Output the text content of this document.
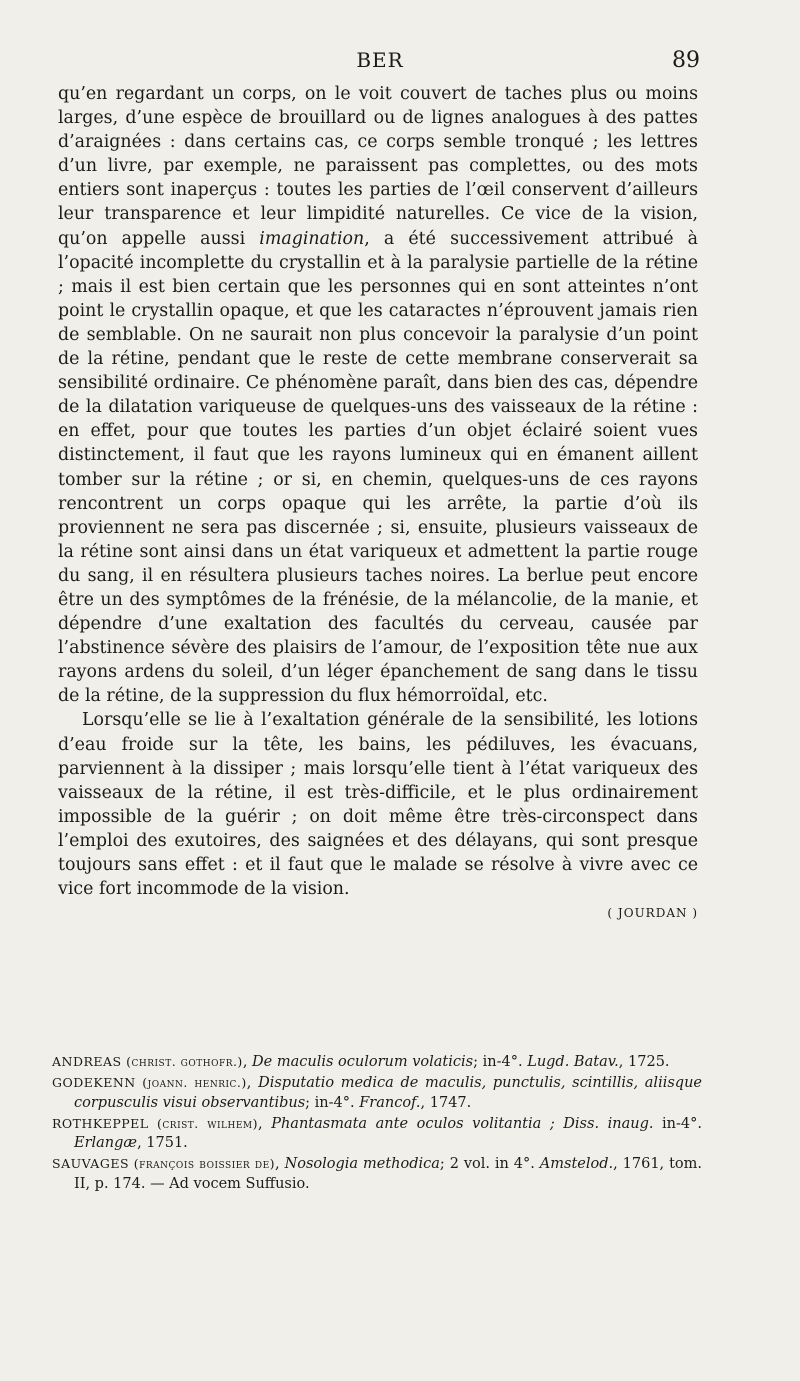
BER	89

qu’en regardant un corps, on le voit couvert de taches plus ou moins larges, d’une espèce de brouillard ou de lignes analogues à des pattes d’araignées : dans certains cas, ce corps semble tronqué ; les lettres d’un livre, par exemple, ne paraissent pas complettes, ou des mots entiers sont inaperçus : toutes les parties de l’œil conservent d’ailleurs leur transparence et leur limpidité naturelles. Ce vice de la vision, qu’on appelle aussi imagination, a été successivement attribué à l’opacité incomplette du crystallin et à la paralysie partielle de la rétine ; mais il est bien certain que les personnes qui en sont atteintes n’ont point le crystallin opaque, et que les cataractes n’éprouvent jamais rien de semblable. On ne saurait non plus concevoir la paralysie d’un point de la rétine, pendant que le reste de cette membrane conserverait sa sensibilité ordinaire. Ce phénomène paraît, dans bien des cas, dépendre de la dilatation variqueuse de quelques-uns des vaisseaux de la rétine : en effet, pour que toutes les parties d’un objet éclairé soient vues distinctement, il faut que les rayons lumineux qui en émanent aillent tomber sur la rétine ; or si, en chemin, quelques-uns de ces rayons rencontrent un corps opaque qui les arrête, la partie d’où ils proviennent ne sera pas discernée ; si, ensuite, plusieurs vaisseaux de la rétine sont ainsi dans un état variqueux et admettent la partie rouge du sang, il en résultera plusieurs taches noires. La berlue peut encore être un des symptômes de la frénésie, de la mélancolie, de la manie, et dépendre d’une exaltation des facultés du cerveau, causée par l’abstinence sévère des plaisirs de l’amour, de l’exposition tête nue aux rayons ardens du soleil, d’un léger épanchement de sang dans le tissu de la rétine, de la suppression du flux hémorroïdal, etc.

Lorsqu’elle se lie à l’exaltation générale de la sensibilité, les lotions d’eau froide sur la tête, les bains, les pédiluves, les évacuans, parviennent à la dissiper ; mais lorsqu’elle tient à l’état variqueux des vaisseaux de la rétine, il est très-difficile, et le plus ordinairement impossible de la guérir ; on doit même être très-circonspect dans l’emploi des exutoires, des saignées et des délayans, qui sont presque toujours sans effet : et il faut que le malade se résolve à vivre avec ce vice fort incommode de la vision.

( JOURDAN )

ANDREAS (christ. gothofr.), De maculis oculorum volaticis; in-4°. Lugd. Batav., 1725.

GODEKENN (joann. henric.), Disputatio medica de maculis, punctulis, scintillis, aliisque corpusculis visui observantibus; in-4°. Francof., 1747.

ROTHKEPPEL (crist. wilhem), Phantasmata ante oculos volitantia ; Diss. inaug. in-4°. Erlangæ, 1751.

SAUVAGES (françois boissier de), Nosologia methodica; 2 vol. in 4°. Amstelod., 1761, tom. II, p. 174. — Ad vocem Suffusio.
